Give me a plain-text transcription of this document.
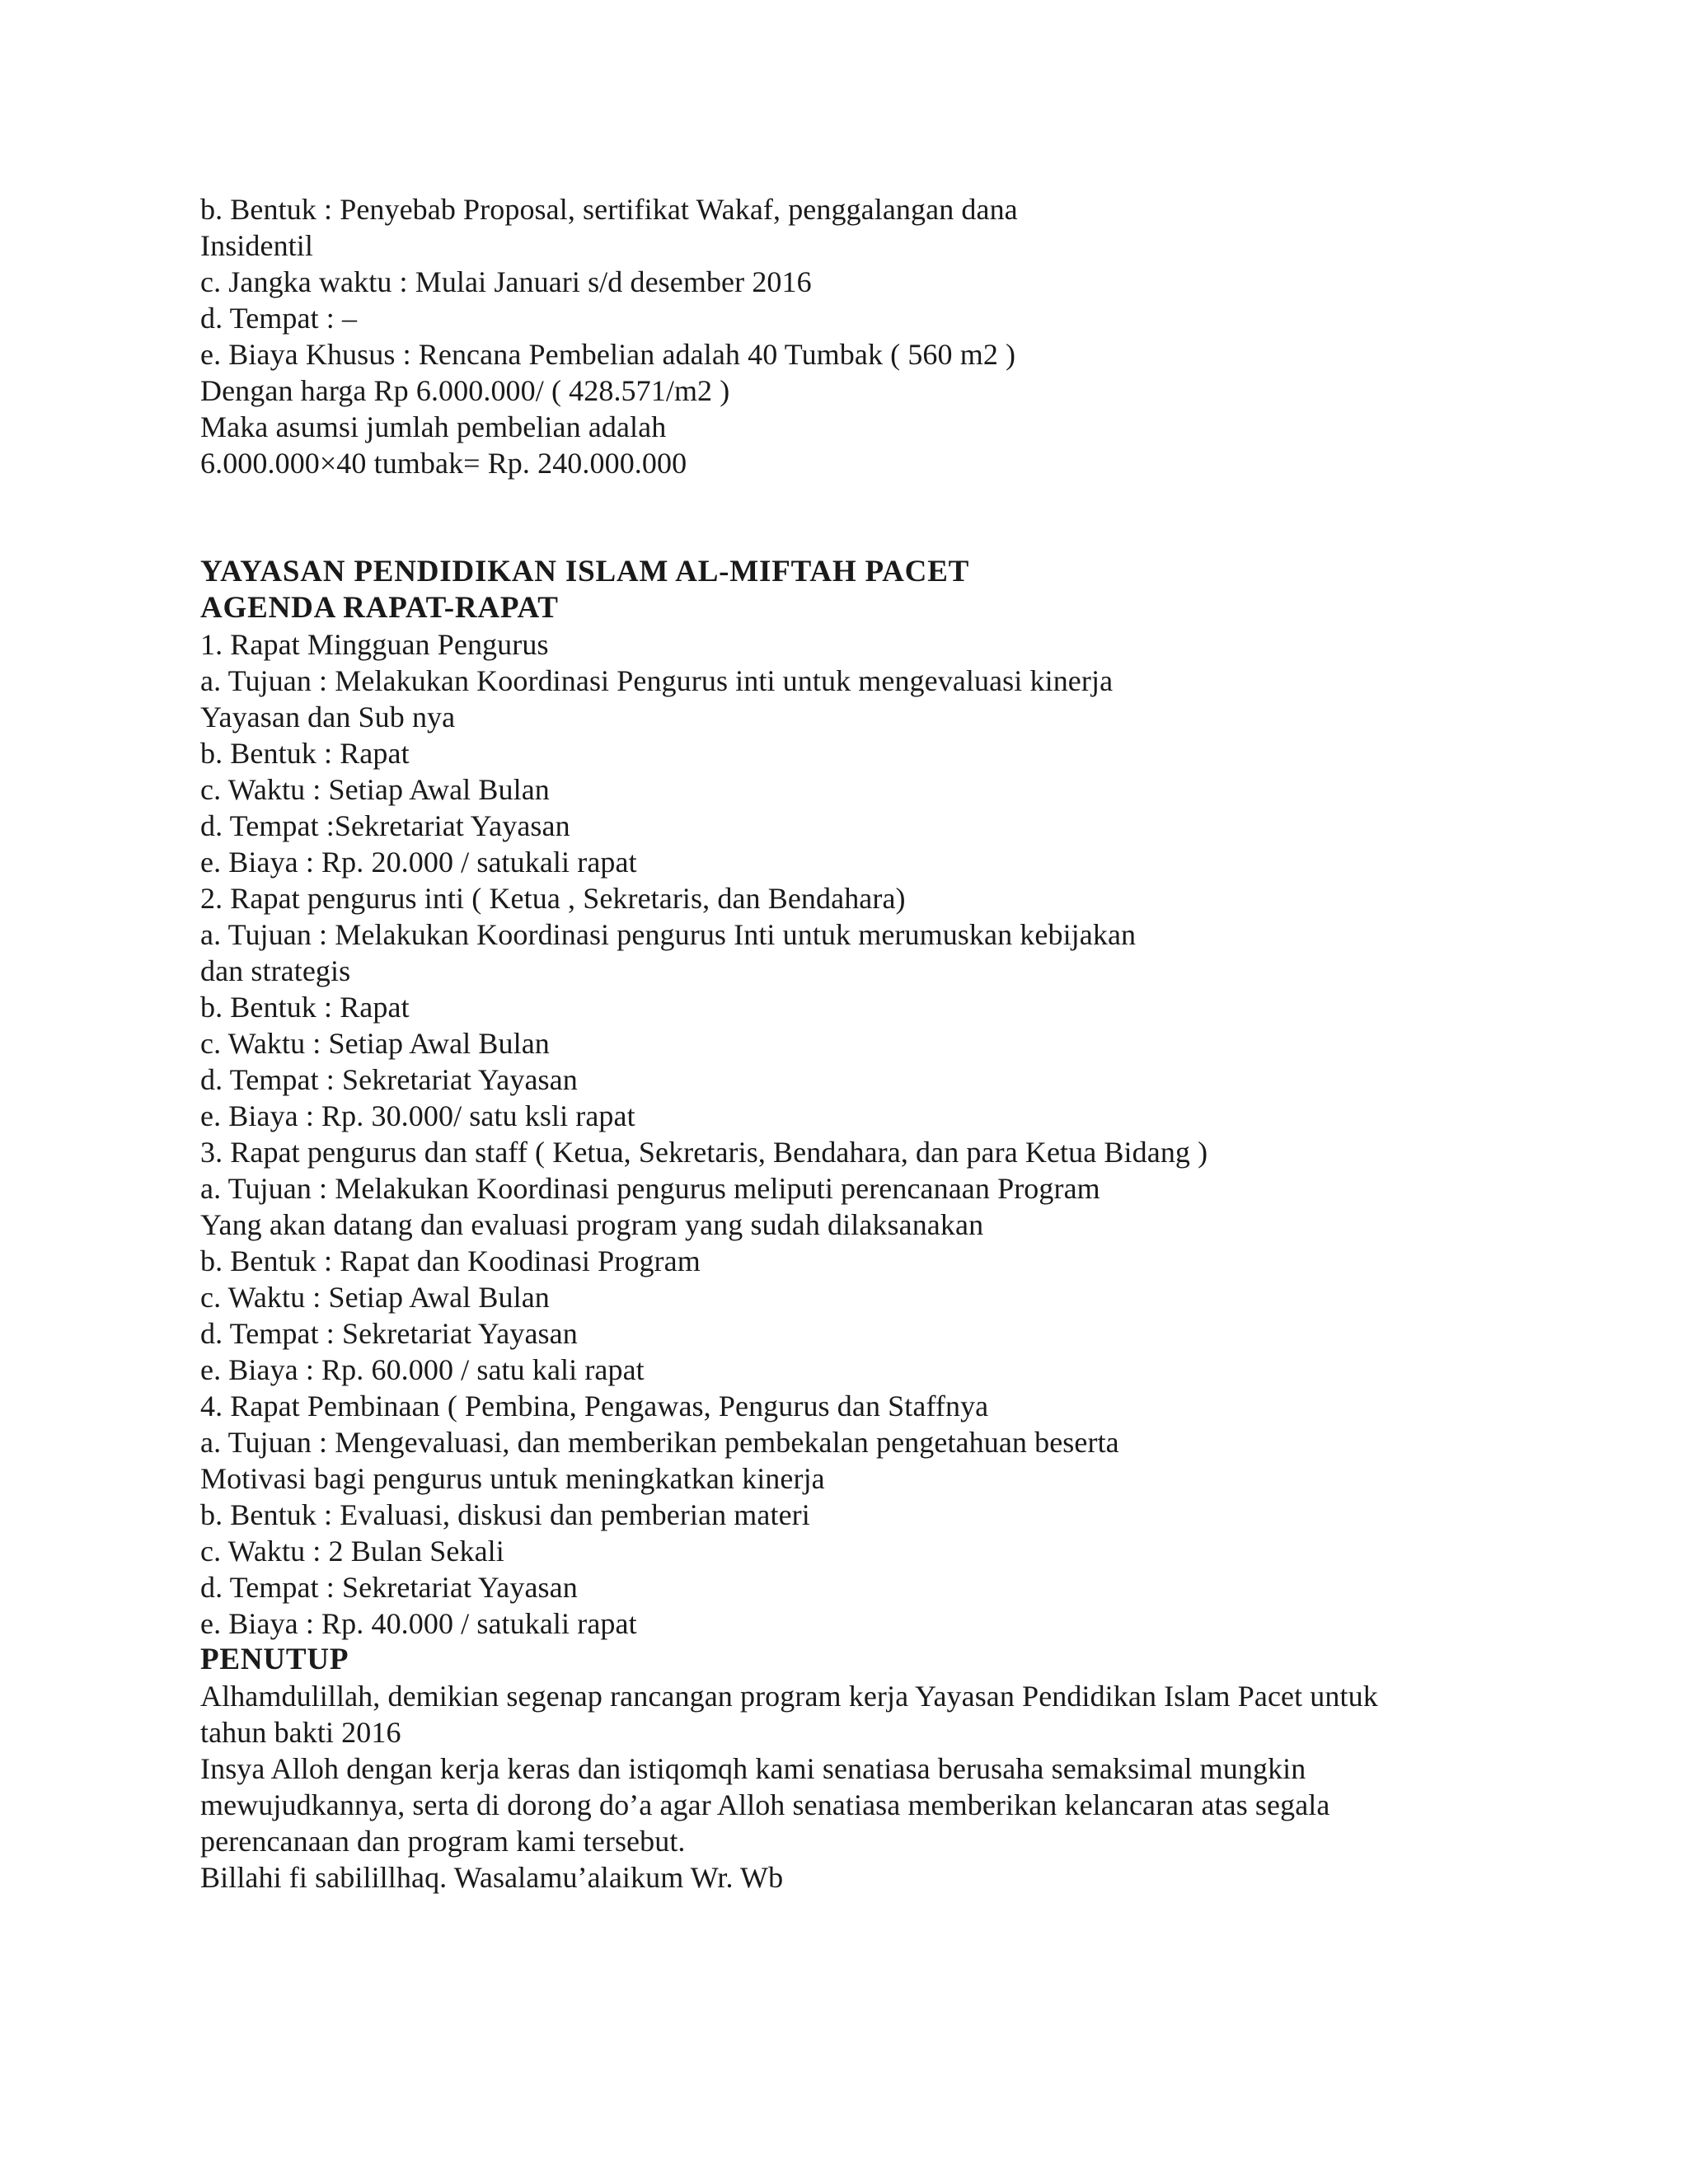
b. Bentuk : Penyebab Proposal, sertifikat Wakaf, penggalangan dana
Insidentil
c. Jangka waktu : Mulai Januari s/d desember 2016
d. Tempat : –
e. Biaya Khusus : Rencana Pembelian adalah 40 Tumbak ( 560 m2 )
Dengan harga Rp 6.000.000/ ( 428.571/m2 )
Maka asumsi jumlah pembelian adalah
6.000.000×40 tumbak= Rp. 240.000.000
YAYASAN PENDIDIKAN ISLAM AL-MIFTAH PACET
AGENDA RAPAT-RAPAT
1. Rapat Mingguan Pengurus
a. Tujuan : Melakukan Koordinasi Pengurus inti untuk mengevaluasi kinerja
Yayasan dan Sub nya
b. Bentuk : Rapat
c. Waktu : Setiap Awal Bulan
d. Tempat :Sekretariat Yayasan
e. Biaya : Rp. 20.000 / satukali rapat
2. Rapat pengurus inti ( Ketua , Sekretaris, dan Bendahara)
a. Tujuan : Melakukan Koordinasi pengurus Inti untuk merumuskan kebijakan
dan strategis
b. Bentuk : Rapat
c. Waktu : Setiap Awal Bulan
d. Tempat : Sekretariat Yayasan
e. Biaya : Rp. 30.000/ satu ksli rapat
3. Rapat pengurus dan staff ( Ketua, Sekretaris, Bendahara, dan para Ketua Bidang )
a. Tujuan : Melakukan Koordinasi pengurus meliputi perencanaan Program
Yang akan datang dan evaluasi program yang sudah dilaksanakan
b. Bentuk : Rapat dan Koodinasi Program
c. Waktu : Setiap Awal Bulan
d. Tempat : Sekretariat Yayasan
e. Biaya : Rp. 60.000 / satu kali rapat
4. Rapat Pembinaan ( Pembina, Pengawas, Pengurus dan Staffnya
a. Tujuan : Mengevaluasi, dan memberikan pembekalan pengetahuan beserta
Motivasi bagi pengurus untuk meningkatkan kinerja
b. Bentuk : Evaluasi, diskusi dan pemberian materi
c. Waktu : 2 Bulan Sekali
d. Tempat : Sekretariat Yayasan
e. Biaya : Rp. 40.000 / satukali rapat
PENUTUP
Alhamdulillah, demikian segenap rancangan program kerja Yayasan Pendidikan Islam Pacet untuk
tahun bakti 2016
Insya Alloh dengan kerja keras dan istiqomqh kami senatiasa berusaha semaksimal mungkin
mewujudkannya, serta di dorong do’a agar Alloh senatiasa memberikan kelancaran atas segala
perencanaan dan program kami tersebut.
Billahi fi sabilillhaq. Wasalamu’alaikum Wr. Wb
